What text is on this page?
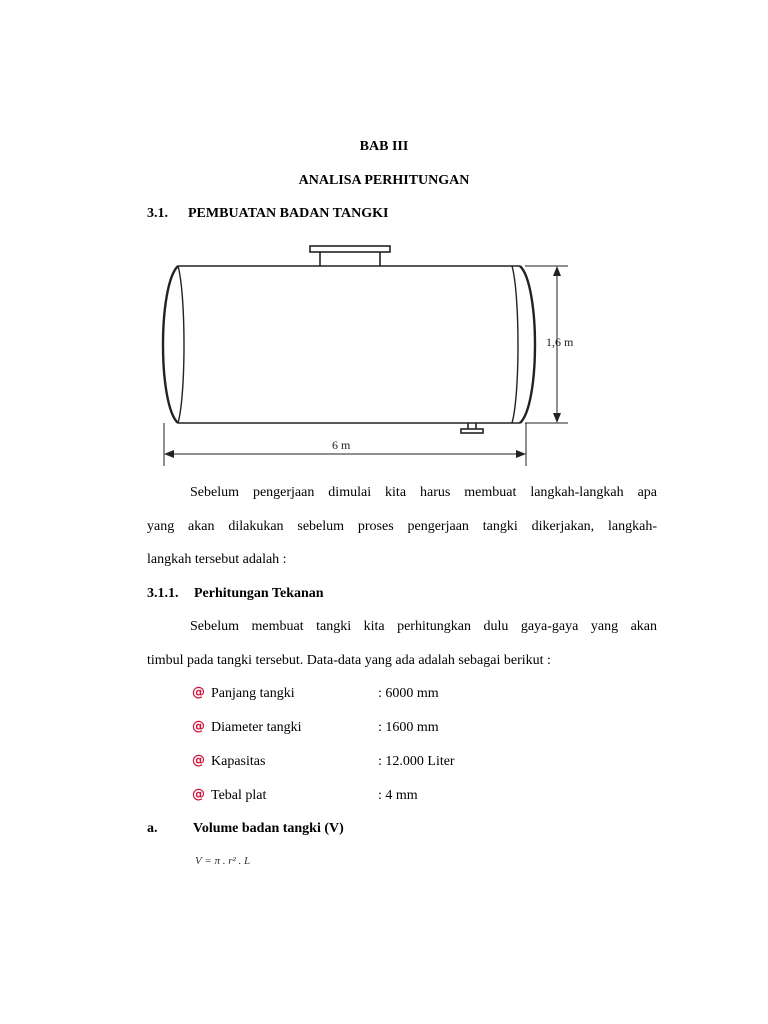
BAB III
ANALISA PERHITUNGAN
3.1. PEMBUATAN BADAN TANGKI
1,6 m
6 m
Sebelum pengerjaan dimulai kita harus membuat langkah-langkah apa
yang akan dilakukan sebelum proses pengerjaan tangki dikerjakan, langkah-
langkah tersebut adalah :
3.1.1. Perhitungan Tekanan
Sebelum membuat tangki kita perhitungkan dulu gaya-gaya yang akan
timbul pada tangki tersebut. Data-data yang ada adalah sebagai berikut :
@ Panjang tangki	: 6000 mm
@ Diameter tangki	: 1600 mm
@ Kapasitas	: 12.000 Liter
@ Tebal plat	: 4 mm
a.	Volume badan tangki (V)
V = π . r² . L
